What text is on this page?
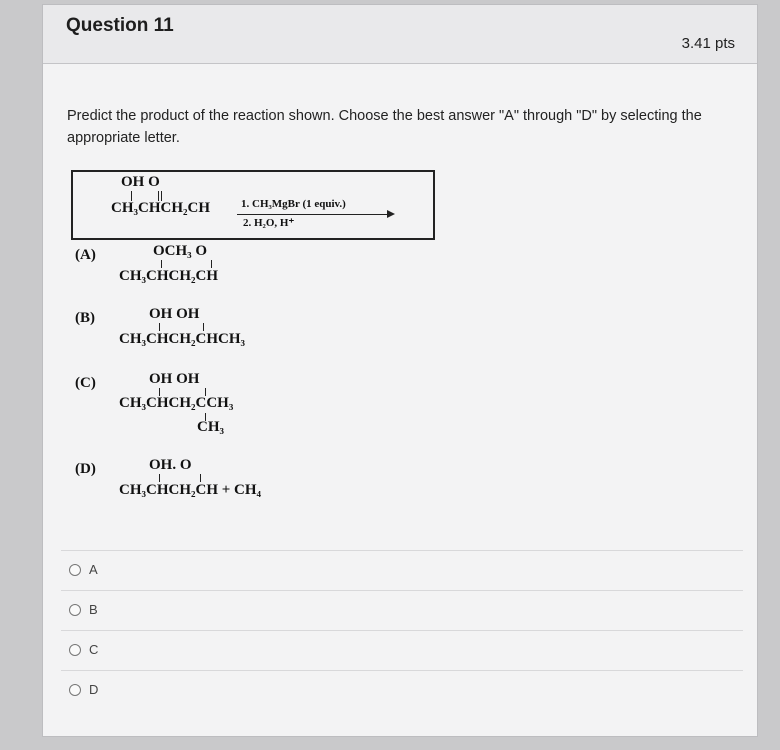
Question 11
3.41 pts
Predict the product of the reaction shown. Choose the best answer "A" through "D" by selecting the appropriate letter.
OH O
CH₃CHCH₂CH	1. CH₃MgBr (1 equiv.)
2. H₂O, H⁺
(A)	OCH₃ O
CH₃CHCH₂CH
(B)	OH OH
CH₃CHCH₂CHCH₃
(C)	OH OH
CH₃CHCH₂CCH₃
CH₃
(D)	OH. O
CH₃CHCH₂CH + CH₄
A
B
C
D
